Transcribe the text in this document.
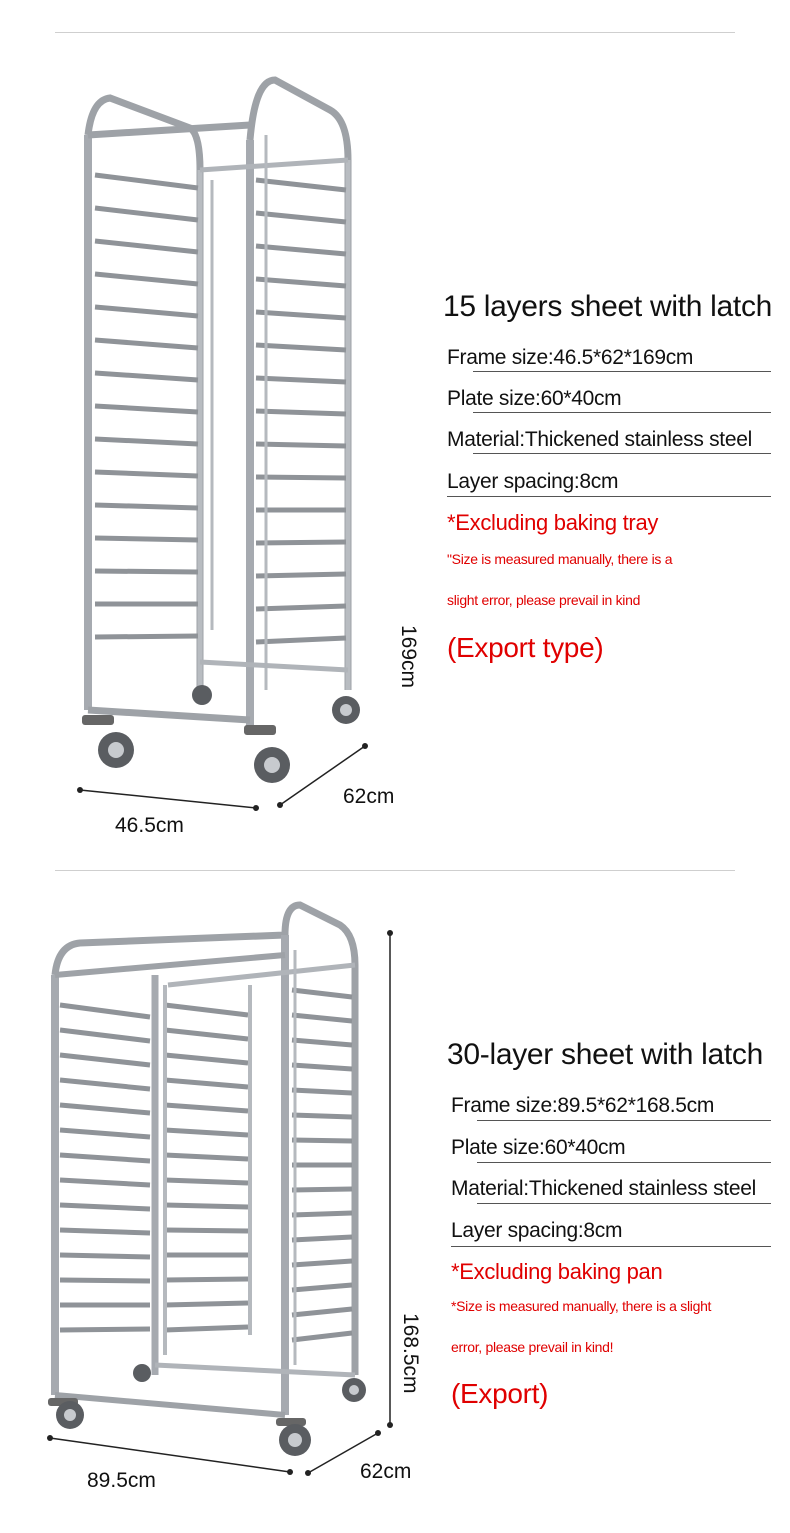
169cm
62cm
46.5cm
15 layers sheet with latch
Frame size:46.5*62*169cm
Plate size:60*40cm
Material:Thickened stainless steel
Layer spacing:8cm
*Excluding baking tray
"Size is measured manually, there is a
slight error, please prevail in kind
(Export type)
168.5cm
62cm
89.5cm
30-layer sheet with latch
Frame size:89.5*62*168.5cm
Plate size:60*40cm
Material:Thickened stainless steel
Layer spacing:8cm
*Excluding baking pan
*Size is measured manually, there is a slight
error, please prevail in kind!
(Export)
